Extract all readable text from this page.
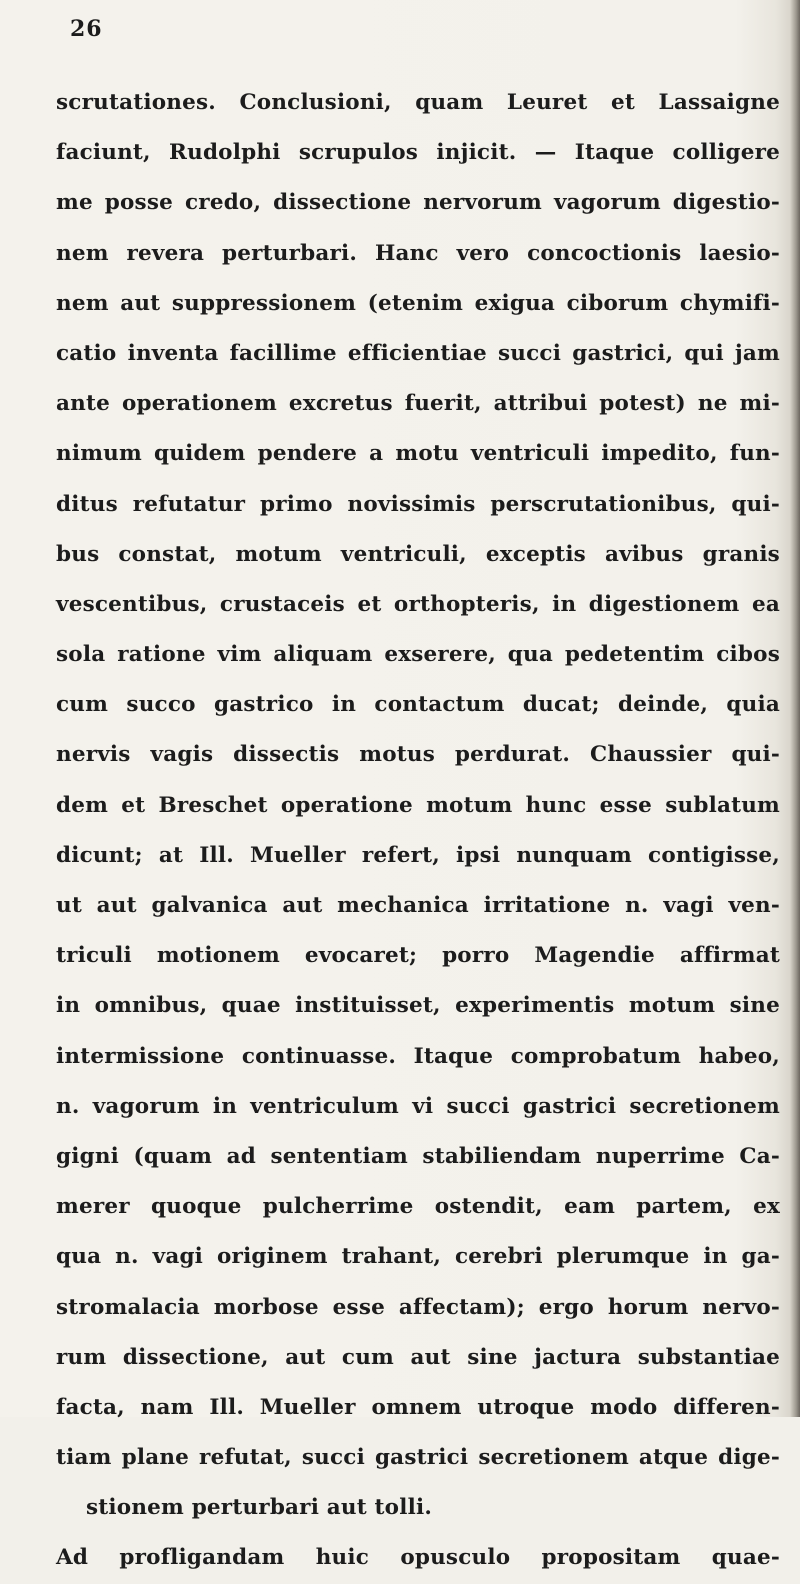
26

scrutationes. Conclusioni, quam Leuret et Lassaigne
faciunt, Rudolphi scrupulos injicit. — Itaque colligere
me posse credo, dissectione nervorum vagorum digestio-
nem revera perturbari. Hanc vero concoctionis laesio-
nem aut suppressionem (etenim exigua ciborum chymifi-
catio inventa facillime efficientiae succi gastrici, qui jam
ante operationem excretus fuerit, attribui potest) ne mi-
nimum quidem pendere a motu ventriculi impedito, fun-
ditus refutatur primo novissimis perscrutationibus, qui-
bus constat, motum ventriculi, exceptis avibus granis
vescentibus, crustaceis et orthopteris, in digestionem ea
sola ratione vim aliquam exserere, qua pedetentim cibos
cum succo gastrico in contactum ducat; deinde, quia
nervis vagis dissectis motus perdurat. Chaussier qui-
dem et Breschet operatione motum hunc esse sublatum
dicunt; at Ill. Mueller refert, ipsi nunquam contigisse,
ut aut galvanica aut mechanica irritatione n. vagi ven-
triculi motionem evocaret; porro Magendie affirmat
in omnibus, quae instituisset, experimentis motum sine
intermissione continuasse. Itaque comprobatum habeo,
n. vagorum in ventriculum vi succi gastrici secretionem
gigni (quam ad sententiam stabiliendam nuperrime Ca-
merer quoque pulcherrime ostendit, eam partem, ex
qua n. vagi originem trahant, cerebri plerumque in ga-
stromalacia morbose esse affectam); ergo horum nervo-
rum dissectione, aut cum aut sine jactura substantiae
facta, nam Ill. Mueller omnem utroque modo differen-
tiam plane refutat, succi gastrici secretionem atque dige-
stionem perturbari aut tolli.
Ad profligandam huic opusculo propositam quae-
